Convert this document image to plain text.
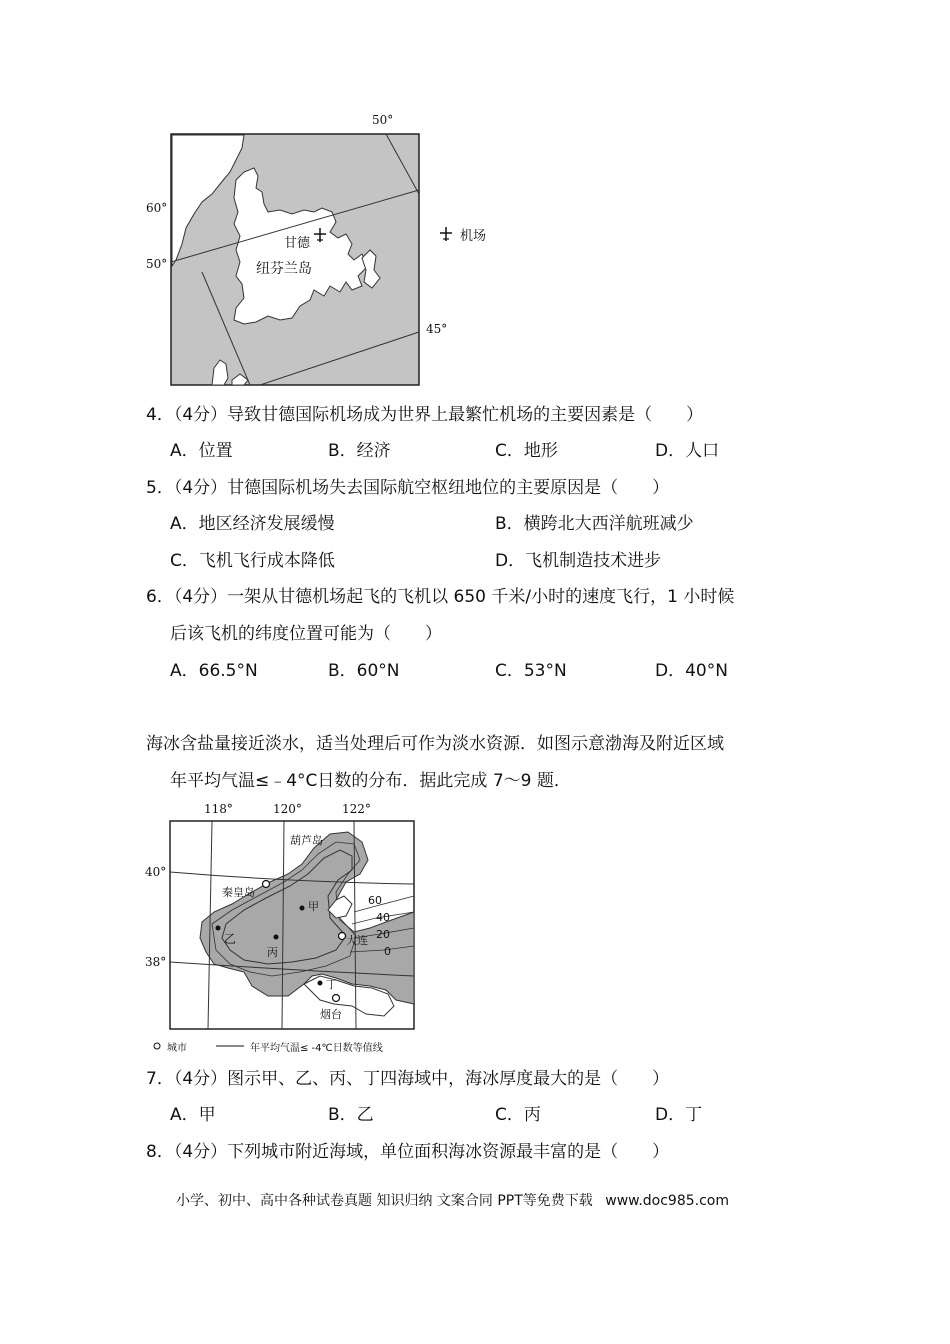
50°
60°
50°
45°
甘德
纽芬兰岛
机场
4．（4分）导致甘德国际机场成为世界上最繁忙机场的主要因素是（　　）
A．位置	B．经济	C．地形	D．人口
5．（4分）甘德国际机场失去国际航空枢纽地位的主要原因是（　　）
A．地区经济发展缓慢	B．横跨北大西洋航班减少
C．飞机飞行成本降低	D．飞机制造技术进步
6．（4分）一架从甘德机场起飞的飞机以 650 千米/小时的速度飞行，1 小时候
后该飞机的纬度位置可能为（　　）
A．66.5°N	B．60°N	C．53°N	D．40°N
海冰含盐量接近淡水，适当处理后可作为淡水资源．如图示意渤海及附近区域
年平均气温≤﹣4°C日数的分布．据此完成 7～9 题．
118°	120°	122°
40°
38°
葫芦岛
秦皇岛
大连
烟台
甲
乙
丙
丁
60
40
20
0
城市	年平均气温≤ -4℃日数等值线
7．（4分）图示甲、乙、丙、丁四海域中，海冰厚度最大的是（　　）
A．甲	B．乙	C．丙	D．丁
8．（4分）下列城市附近海域，单位面积海冰资源最丰富的是（　　）
小学、初中、高中各种试卷真题 知识归纳 文案合同 PPT等免费下载 www.doc985.com
